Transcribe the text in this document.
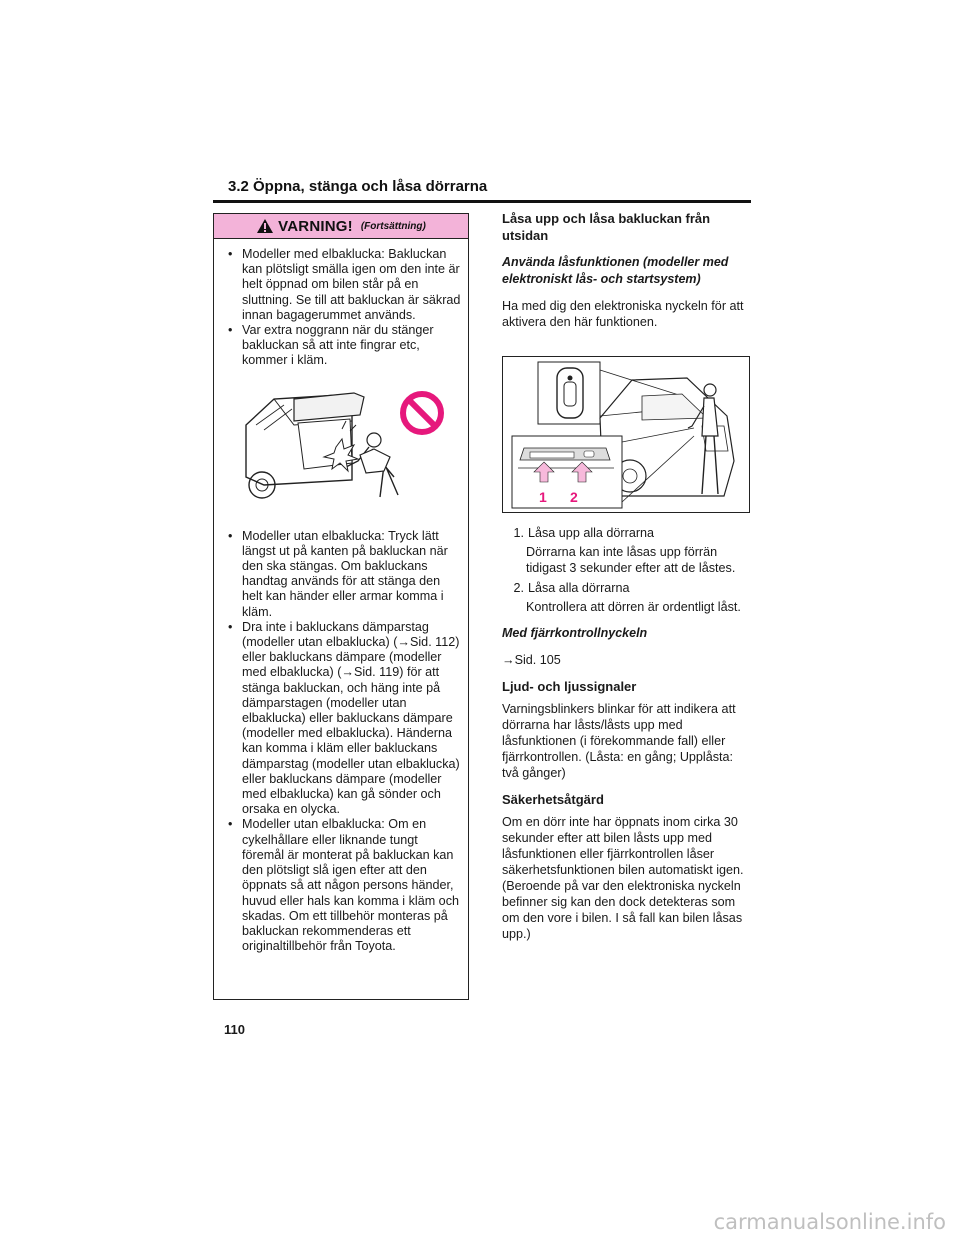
3.2 Öppna, stänga och låsa dörrarna
VARNING! (Fortsättning)
• Modeller med elbaklucka: Bakluckan kan plötsligt smälla igen om den inte är helt öppnad om bilen står på en sluttning. Se till att bakluckan är säkrad innan bagagerummet används.
• Var extra noggrann när du stänger bakluckan så att inte fingrar etc, kommer i kläm.
• Modeller utan elbaklucka: Tryck lätt längst ut på kanten på bakluckan när den ska stängas. Om bakluckans handtag används för att stänga den helt kan händer eller armar komma i kläm.
• Dra inte i bakluckans dämparstag (modeller utan elbaklucka) (→Sid. 112) eller bakluckans dämpare (modeller med elbaklucka) (→Sid. 119) för att stänga bakluckan, och häng inte på dämparstagen (modeller utan elbaklucka) eller bakluckans dämpare (modeller med elbaklucka). Händerna kan komma i kläm eller bakluckans dämparstag (modeller utan elbaklucka) eller bakluckans dämpare (modeller med elbaklucka) kan gå sönder och orsaka en olycka.
• Modeller utan elbaklucka: Om en cykelhållare eller liknande tungt föremål är monterat på bakluckan kan den plötsligt slå igen efter att den öppnats så att någon persons händer, huvud eller hals kan komma i kläm och skadas. Om ett tillbehör monteras på bakluckan rekommenderas ett originaltillbehör från Toyota.
Låsa upp och låsa bakluckan från utsidan
Använda låsfunktionen (modeller med elektroniskt lås- och startsystem)
Ha med dig den elektroniska nyckeln för att aktivera den här funktionen.
1 2
1. Låsa upp alla dörrarna
Dörrarna kan inte låsas upp förrän tidigast 3 sekunder efter att de låstes.
2. Låsa alla dörrarna
Kontrollera att dörren är ordentligt låst.
Med fjärrkontrollnyckeln
→Sid. 105
Ljud- och ljussignaler
Varningsblinkers blinkar för att indikera att dörrarna har låsts/låsts upp med låsfunktionen (i förekommande fall) eller fjärrkontrollen. (Låsta: en gång; Upplåsta: två gånger)
Säkerhetsåtgärd
Om en dörr inte har öppnats inom cirka 30 sekunder efter att bilen låsts upp med låsfunktionen eller fjärrkontrollen låser säkerhetsfunktionen bilen automatiskt igen. (Beroende på var den elektroniska nyckeln befinner sig kan den dock detekteras som om den vore i bilen. I så fall kan bilen låsas upp.)
110
carmanualsonline.info
